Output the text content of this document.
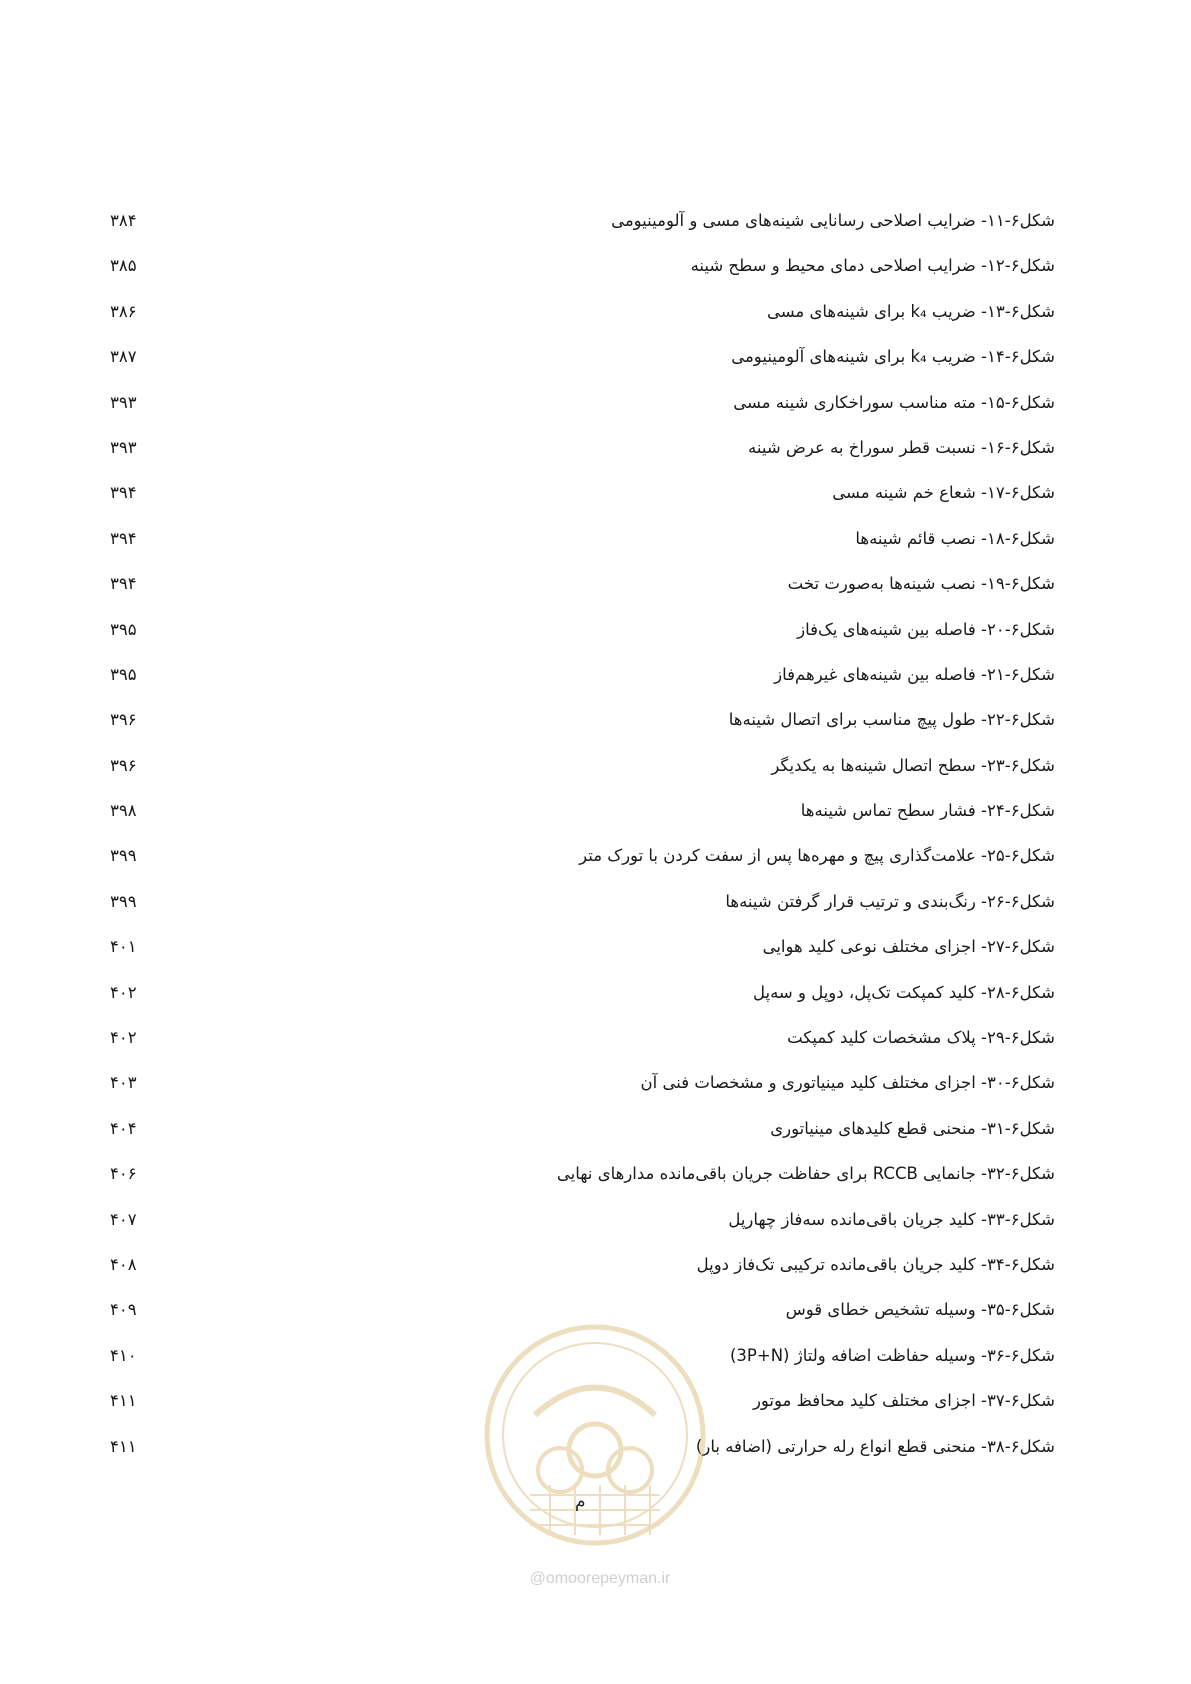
شکل۶-۱۱- ضرایب اصلاحی رسانایی شینه‌های مسی و آلومینیومی
۳۸۴
شکل۶-۱۲- ضرایب اصلاحی دمای محیط و سطح شینه
۳۸۵
شکل۶-۱۳- ضریب k₄ برای شینه‌های مسی
۳۸۶
شکل۶-۱۴- ضریب k₄ برای شینه‌های آلومینیومی
۳۸۷
شکل۶-۱۵- مته مناسب سوراخکاری شینه مسی
۳۹۳
شکل۶-۱۶- نسبت قطر سوراخ به عرض شینه
۳۹۳
شکل۶-۱۷- شعاع خم شینه مسی
۳۹۴
شکل۶-۱۸- نصب قائم شینه‌ها
۳۹۴
شکل۶-۱۹- نصب شینه‌ها به‌صورت تخت
۳۹۴
شکل۶-۲۰- فاصله بین شینه‌های یک‌فاز
۳۹۵
شکل۶-۲۱- فاصله بین شینه‌های غیرهم‌فاز
۳۹۵
شکل۶-۲۲- طول پیچ مناسب برای اتصال شینه‌ها
۳۹۶
شکل۶-۲۳- سطح اتصال شینه‌ها به یکدیگر
۳۹۶
شکل۶-۲۴- فشار سطح تماس شینه‌ها
۳۹۸
شکل۶-۲۵- علامت‌گذاری پیچ و مهره‌ها پس از سفت کردن با تورک متر
۳۹۹
شکل۶-۲۶- رنگ‌بندی و ترتیب قرار گرفتن شینه‌ها
۳۹۹
شکل۶-۲۷- اجزای مختلف نوعی کلید هوایی
۴۰۱
شکل۶-۲۸- کلید کمپکت تک‌پل، دوپل و سه‌پل
۴۰۲
شکل۶-۲۹- پلاک مشخصات کلید کمپکت
۴۰۲
شکل۶-۳۰- اجزای مختلف کلید مینیاتوری و مشخصات فنی آن
۴۰۳
شکل۶-۳۱- منحنی قطع کلیدهای مینیاتوری
۴۰۴
شکل۶-۳۲- جانمایی RCCB برای حفاظت جریان باقی‌مانده مدارهای نهایی
۴۰۶
شکل۶-۳۳- کلید جریان باقی‌مانده سه‌فاز چهارپل
۴۰۷
شکل۶-۳۴- کلید جریان باقی‌مانده ترکیبی تک‌فاز دوپل
۴۰۸
شکل۶-۳۵- وسیله تشخیص خطای قوس
۴۰۹
شکل۶-۳۶- وسیله حفاظت اضافه ولتاژ (3P+N)
۴۱۰
شکل۶-۳۷- اجزای مختلف کلید محافظ موتور
۴۱۱
شکل۶-۳۸- منحنی قطع انواع رله حرارتی (اضافه بار)
۴۱۱
م
@omoorepeyman.ir
